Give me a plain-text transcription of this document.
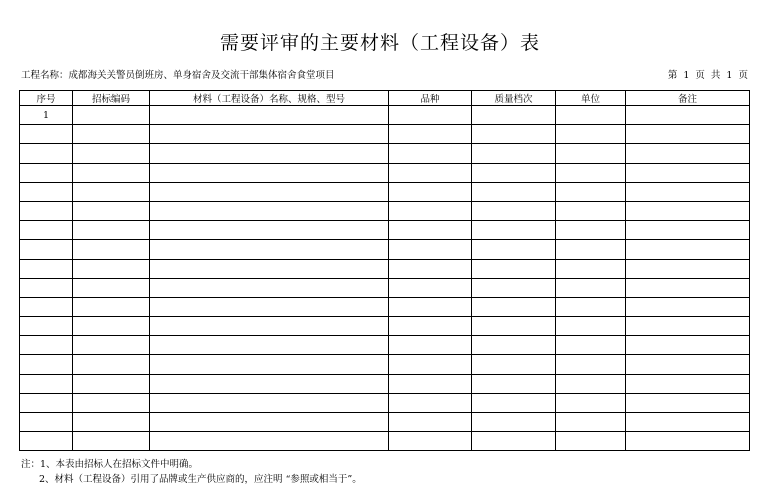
需要评审的主要材料（工程设备）表
工程名称：成都海关关警员倒班房、单身宿舍及交流干部集体宿舍食堂项目	第 1 页 共 1 页
序号	招标编码	材料（工程设备）名称、规格、型号	品种	质量档次	单位	备注
1						

注：1、本表由招标人在招标文件中明确。
2、材料（工程设备）引用了品牌或生产供应商的，应注明 “参照或相当于”。
